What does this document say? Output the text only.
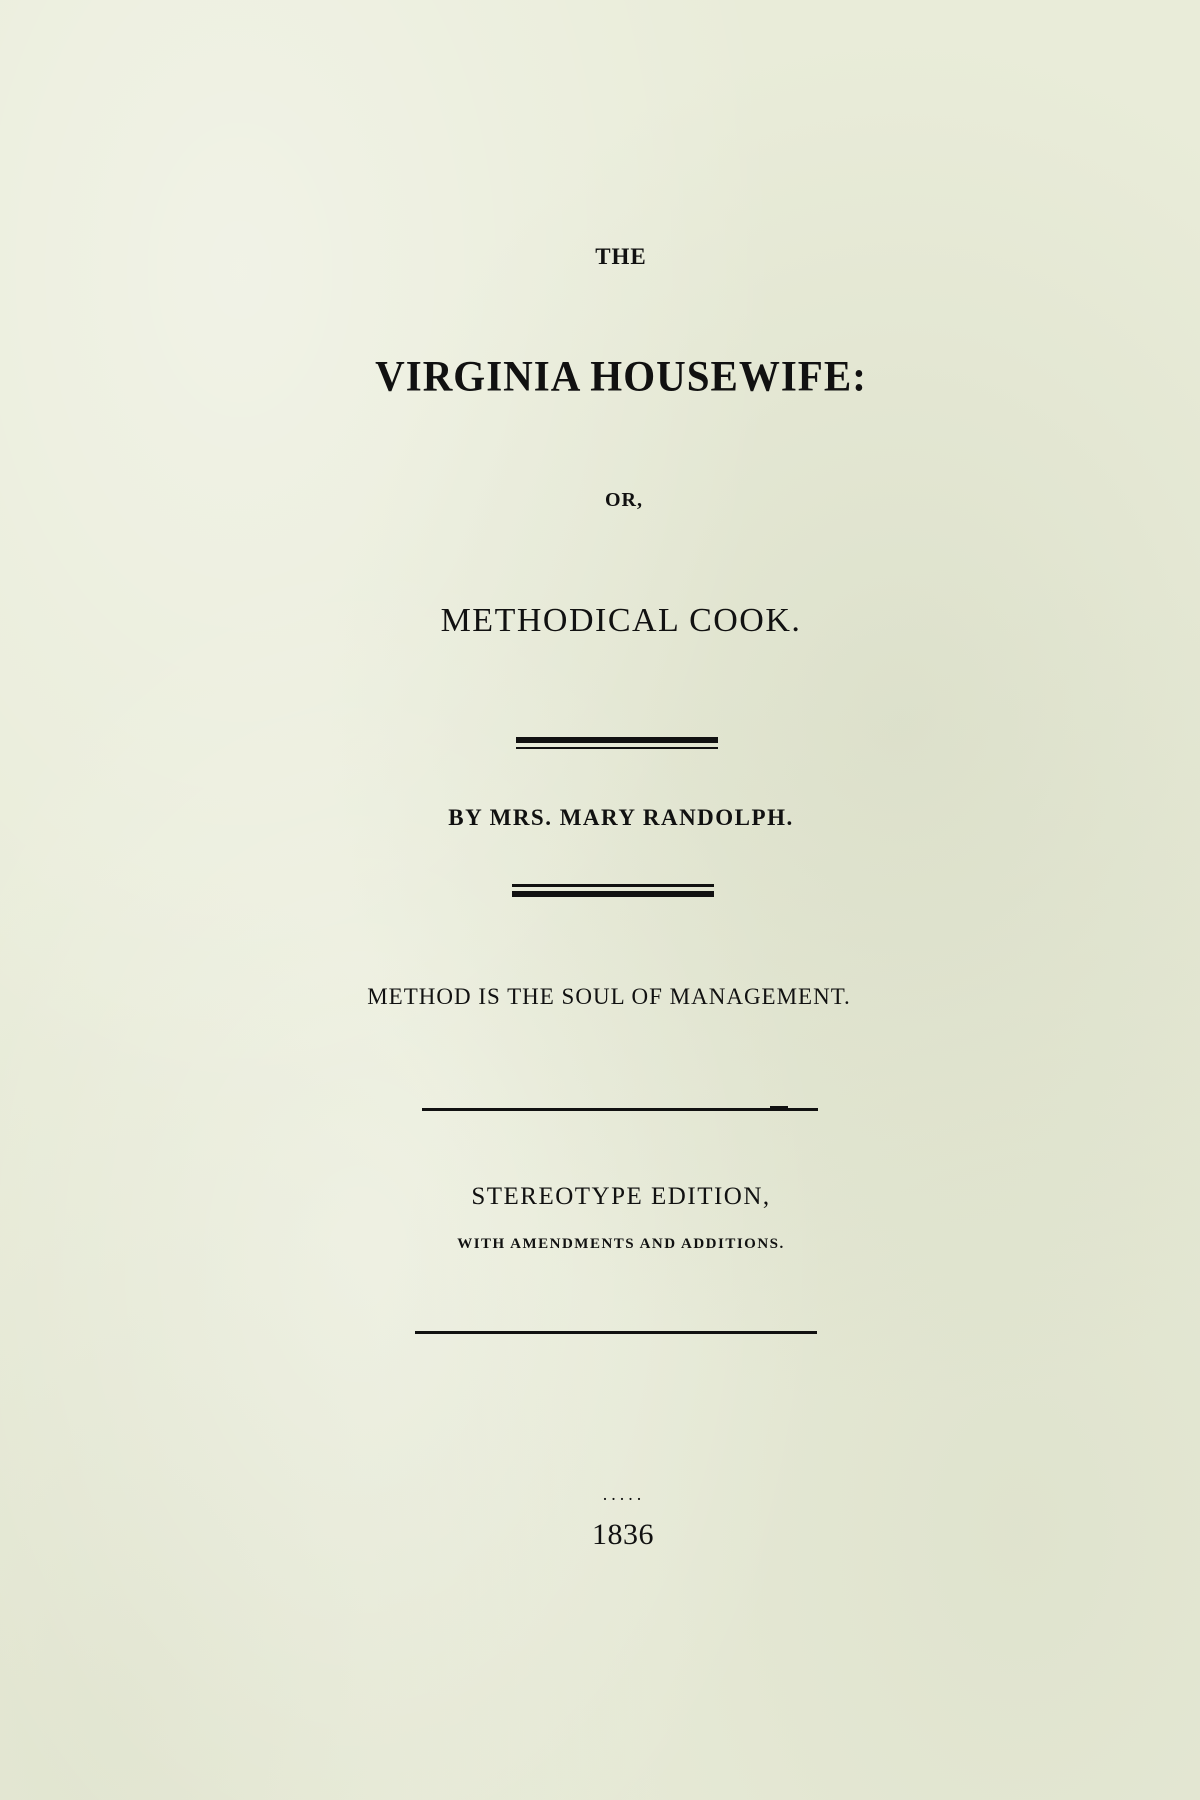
THE
VIRGINIA HOUSEWIFE:
OR,
METHODICAL COOK.
BY MRS. MARY RANDOLPH.
METHOD IS THE SOUL OF MANAGEMENT.
STEREOTYPE EDITION,
WITH AMENDMENTS AND ADDITIONS.
.....
1836
